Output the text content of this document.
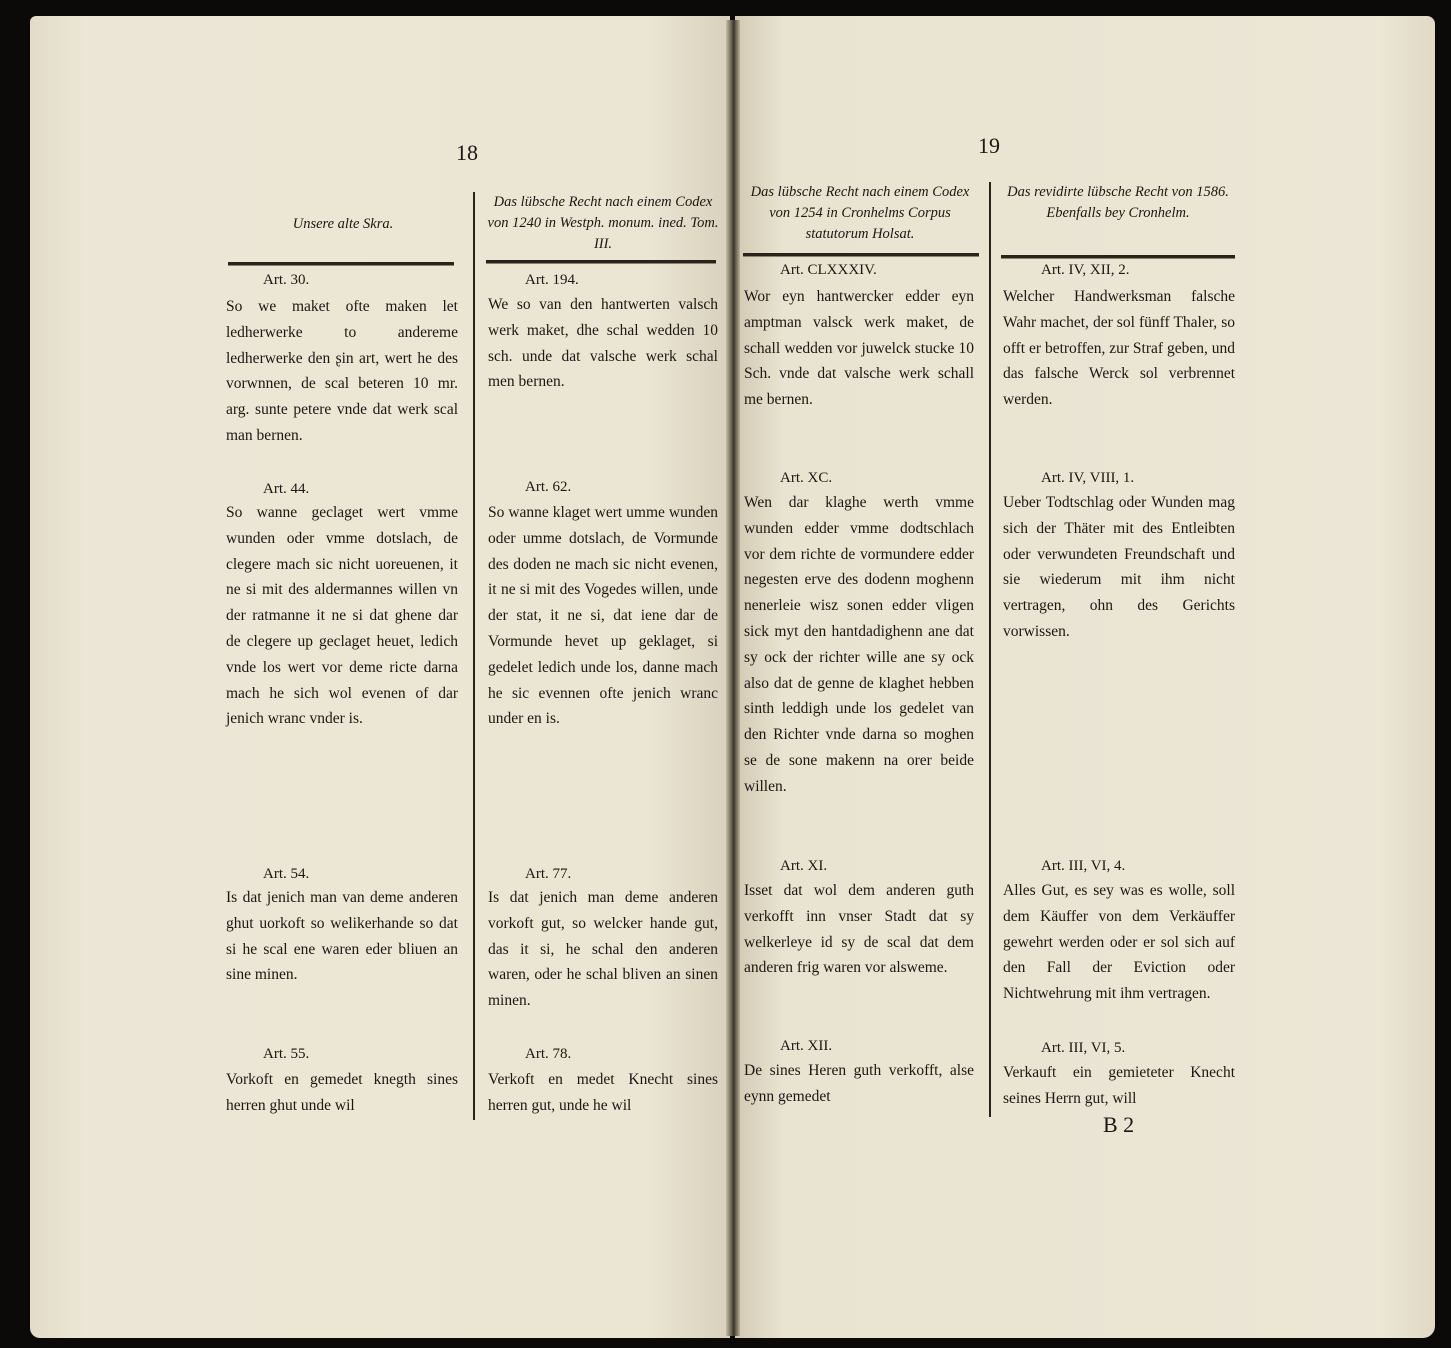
18	19
Unsere alte Skra.
Das lübsche Recht nach einem Codex von 1240 in Westph. monum. ined. Tom. III.
Das lübsche Recht nach einem Codex von 1254 in Cronhelms Corpus statutorum Holsat.
Das revidirte lübsche Recht von 1586. Ebenfalls bey Cronhelm.
Art. 30.

So we maket ofte maken let ledherwerke to andereme ledherwerke den ʂin art, wert he des vorwnnen, de scal beteren 10 mr. arg. sunte petere vnde dat werk scal man bernen.

Art. 44.

So wanne geclaget wert vmme wunden oder vmme dotslach, de clegere mach sic nicht uoreuenen, it ne si mit des aldermannes willen vn der ratmanne it ne si dat ghene dar de clegere up geclaget heuet, ledich vnde los wert vor deme ricte darna mach he sich wol evenen of dar jenich wranc vnder is.

Art. 54.

Is dat jenich man van deme anderen ghut uorkoft so welikerhande so dat si he scal ene waren eder bliuen an sine minen.

Art. 55.

Vorkoft en gemedet knegth sines herren ghut unde wil

Art. 194.

We so van den hantwerten valsch werk maket, dhe schal wedden 10 sch. unde dat valsche werk schal men bernen.

Art. 62.

So wanne klaget wert umme wunden oder umme dotslach, de Vormunde des doden ne mach sic nicht evenen, it ne si mit des Vogedes willen, unde der stat, it ne si, dat iene dar de Vormunde hevet up geklaget, si gedelet ledich unde los, danne mach he sic evennen ofte jenich wranc under en is.

Art. 77.

Is dat jenich man deme anderen vorkoft gut, so welcker hande gut, das it si, he schal den anderen waren, oder he schal bliven an sinen minen.

Art. 78.

Verkoft en medet Knecht sines herren gut, unde he wil

Art. CLXXXIV.

Wor eyn hantwercker edder eyn amptman valsck werk maket, de schall wedden vor juwelck stucke 10 Sch. vnde dat valsche werk schall me bernen.

Art. XC.

Wen dar klaghe werth vmme wunden edder vmme dodtschlach vor dem richte de vormundere edder negesten erve des dodenn moghenn nenerleie wisz sonen edder vligen sick myt den hantdadighenn ane dat sy ock der richter wille ane sy ock also dat de genne de klaghet hebben sinth leddigh unde los gedelet van den Richter vnde darna so moghen se de sone makenn na orer beide willen.

Art. XI.

Isset dat wol dem anderen guth verkofft inn vnser Stadt dat sy welkerleye id sy de scal dat dem anderen frig waren vor alsweme.

Art. XII.

De sines Heren guth verkofft, alse eynn gemedet

Art. IV, XII, 2.

Welcher Handwerksman falsche Wahr machet, der sol fünff Thaler, so offt er betroffen, zur Straf geben, und das falsche Werck sol verbrennet werden.

Art. IV, VIII, 1.

Ueber Todtschlag oder Wunden mag sich der Thäter mit des Entleibten oder verwundeten Freundschaft und sie wiederum mit ihm nicht vertragen, ohn des Gerichts vorwissen.

Art. III, VI, 4.

Alles Gut, es sey was es wolle, soll dem Käuffer von dem Verkäuffer gewehrt werden oder er sol sich auf den Fall der Eviction oder Nichtwehrung mit ihm vertragen.

Art. III, VI, 5.

Verkauft ein gemieteter Knecht seines Herrn gut, will

B 2
